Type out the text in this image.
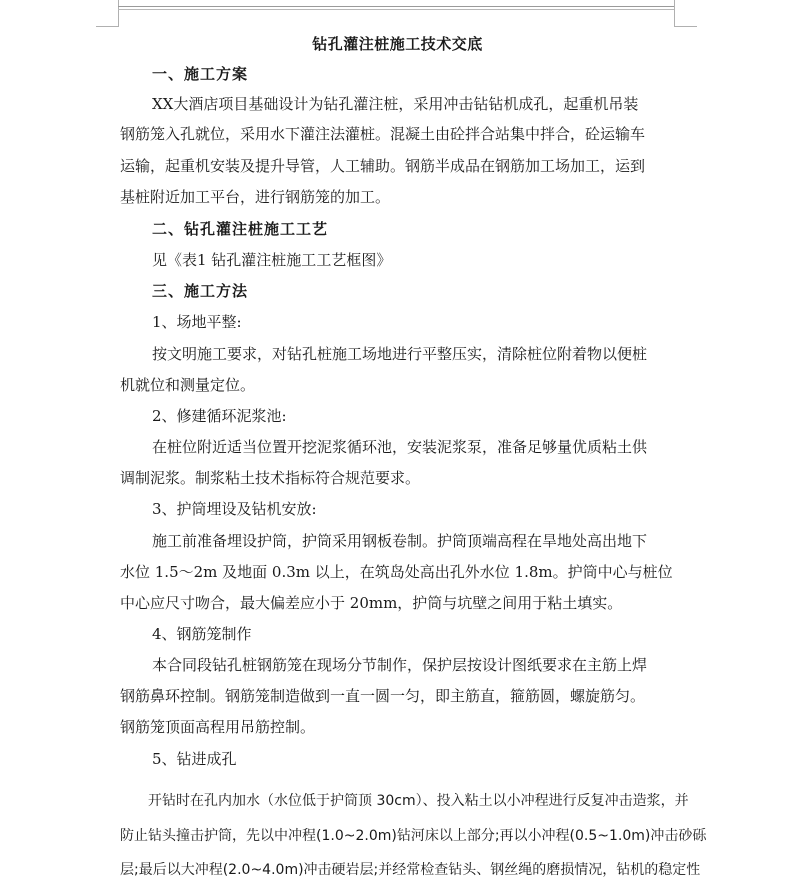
钻孔灌注桩施工技术交底
一、施工方案
XX大酒店项目基础设计为钻孔灌注桩，采用冲击钻钻机成孔，起重机吊装
钢筋笼入孔就位，采用水下灌注法灌桩。混凝土由砼拌合站集中拌合，砼运输车
运输，起重机安装及提升导管，人工辅助。钢筋半成品在钢筋加工场加工，运到
基桩附近加工平台，进行钢筋笼的加工。
二、钻孔灌注桩施工工艺
见《表1 钻孔灌注桩施工工艺框图》
三、施工方法
1、场地平整:
按文明施工要求，对钻孔桩施工场地进行平整压实，清除桩位附着物以便桩
机就位和测量定位。
2、修建循环泥浆池:
在桩位附近适当位置开挖泥浆循环池，安装泥浆泵，准备足够量优质粘土供
调制泥浆。制浆粘土技术指标符合规范要求。
3、护筒埋设及钻机安放:
施工前准备埋设护筒，护筒采用钢板卷制。护筒顶端高程在旱地处高出地下
水位 1.5～2m 及地面 0.3m 以上，在筑岛处高出孔外水位 1.8m。护筒中心与桩位
中心应尺寸吻合，最大偏差应小于 20mm，护筒与坑壁之间用于粘土填实。
4、钢筋笼制作
本合同段钻孔桩钢筋笼在现场分节制作，保护层按设计图纸要求在主筋上焊
钢筋鼻环控制。钢筋笼制造做到一直一圆一匀，即主筋直，箍筋圆，螺旋筋匀。
钢筋笼顶面高程用吊筋控制。
5、钻进成孔
开钻时在孔内加水（水位低于护筒顶 30cm）、投入粘土以小冲程进行反复冲击造浆，并
防止钻头撞击护筒，先以中冲程(1.0~2.0m)钻河床以上部分;再以小冲程(0.5~1.0m)冲击砂砾
层;最后以大冲程(2.0~4.0m)冲击硬岩层;并经常检查钻头、钢丝绳的磨损情况，钻机的稳定性
